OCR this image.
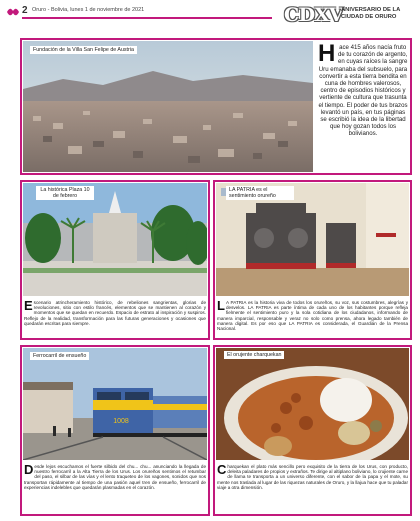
2 Oruro - Bolivia, lunes 1 de noviembre de 2021	CDXV
ANIVERSARIO DE LA
CIUDAD DE ORURO
Fundación de la Villa San Felipe de Austria	Hace 415 años nacía fruto de tu corazón de argento, en cuyas raíces la sangre Uru emanaba del subsuelo, para convertir a esta tierra bendita en cuna de hombres valerosos, centro de episodios históricos y vertiente de cultura que trasunta el tiempo. El poder de tus brazos levantó un país, en tus páginas se escribió la idea de la libertad que hoy gozan todos los bolivianos.
La histórica Plaza 10 de febrero
Escenario atrincheramiento histórico, de rebeliones sangrientas, glorias de revoluciones, sitio con estilo francés, elementos que se mantienen al corazón y momentos que se quedan en recuerdo. Espacio de estrato al inspiración y suspiros. Reflejo de la realidad, transformación para las futuras generaciones y ocasiones que quedarán escritas para siempre.
LA PATRIA es el sentimiento orureño
L A PATRIA es la historia viva de todos los orureños, su voz, sus costumbres, alegrías y desvelos. LA PATRIA es parte íntima de cada uno de los habitantes porque refleja fielmente el sentimiento puro y la sola cotidiana de los ciudadanos, informando de manera imparcial, responsable y veraz no solo como prensa, ahora legado también de manera digital. Es por eso que LA PATRIA es considerada, el Guardián de la Prensa Nacional.
1008
Ferrocarril de ensueño
Desde lejos escuchamos el fuerte silbido del chu... chu... anunciando la llegada de nuestro ferrocarril a la Alta Tierra de los Urus. Los orureños sentimos el retumbar del paso, el silbar de las vías y el lento traqueteo de los vagones, sonidos que nos transportan rápidamente al tiempo de una pasión aquel tren de ensueño, ferrocarril de experiencias indelebles que quedarán plasmadas en el corazón.
El orujente charquekan
Charquekan el plato más sencillo pero exquisito de la tierra de los Urus, con producto, deleita paladares de propios y extraños. Te dirige al altiplano boliviano, lo crujiente carne de llama te transporta a un universo diferente, con el sabor de la papa y el mote, su mente nos traslada al lugar de las riquezas naturales de Oruro, y la llajua hace que tu paladar viaje a otra dimensión.
